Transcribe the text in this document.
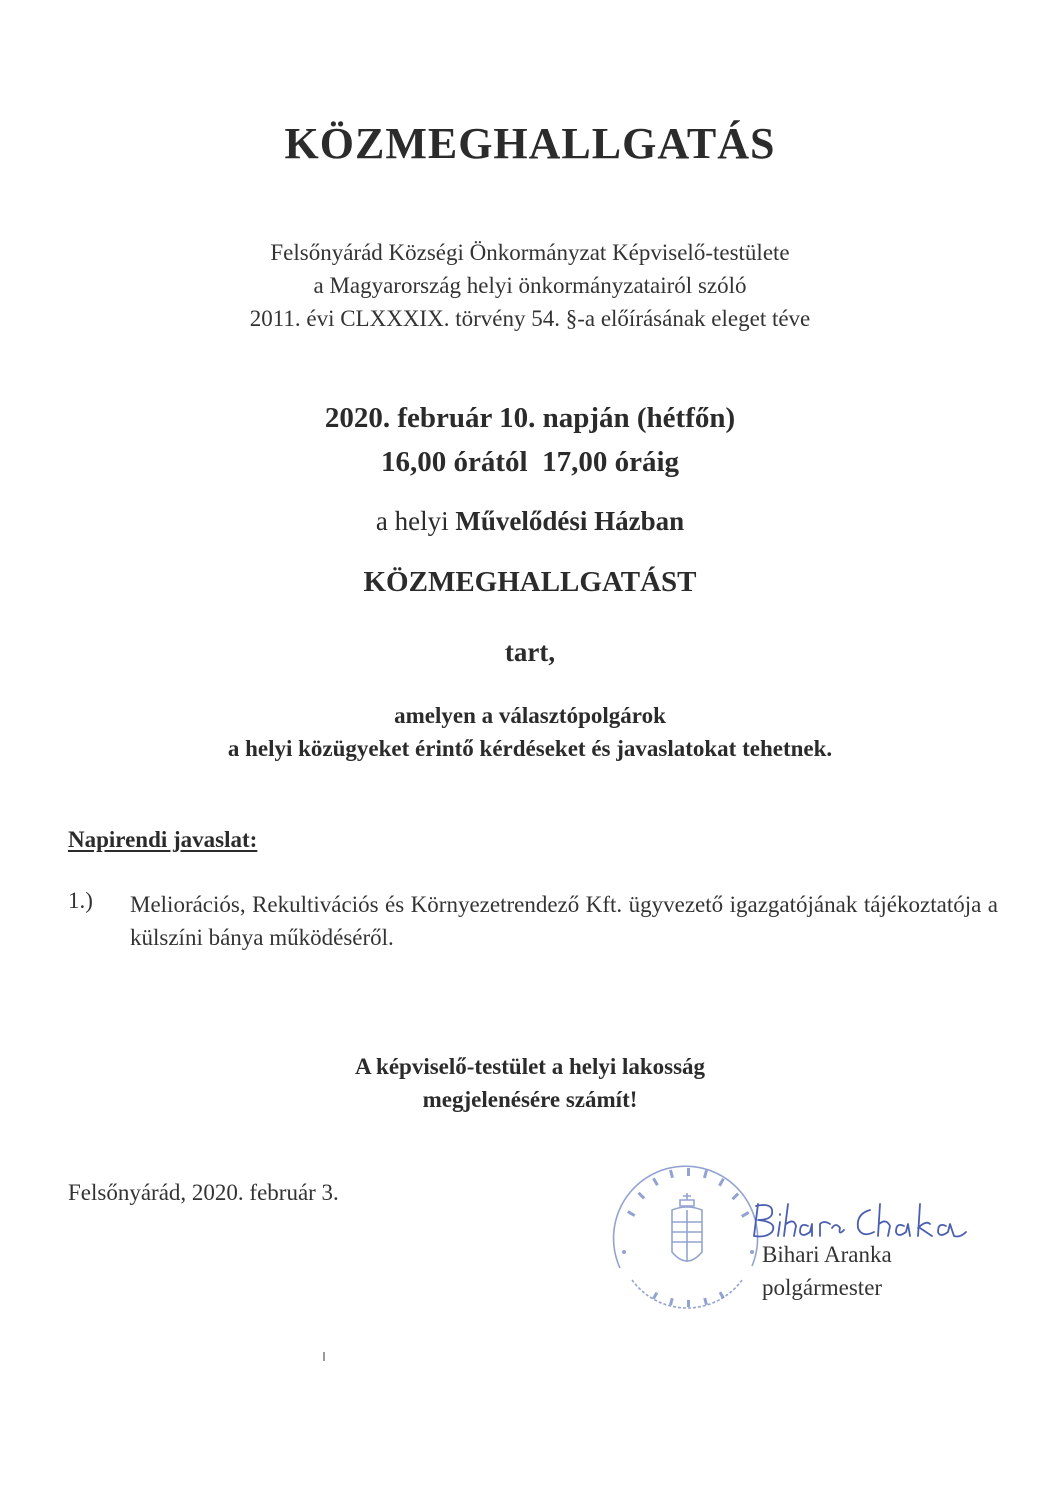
KÖZMEGHALLGATÁS
Felsőnyárád Községi Önkormányzat Képviselő-testülete
a Magyarország helyi önkormányzatairól szóló
2011. évi CLXXXIX. törvény 54. §-a előírásának eleget téve
2020. február 10. napján (hétfőn)
16,00 órától  17,00 óráig
a helyi Művelődési Házban
KÖZMEGHALLGATÁST
tart,
amelyen a választópolgárok
a helyi közügyeket érintő kérdéseket és javaslatokat tehetnek.
Napirendi javaslat:
1.) Meliorációs, Rekultivációs és Környezetrendező Kft. ügyvezető igazgatójának tájékoztatója a külszíni bánya működéséről.
A képviselő-testület a helyi lakosság
megjelenésére számít!
Felsőnyárád, 2020. február 3.
Bihari Aranka
polgármester
